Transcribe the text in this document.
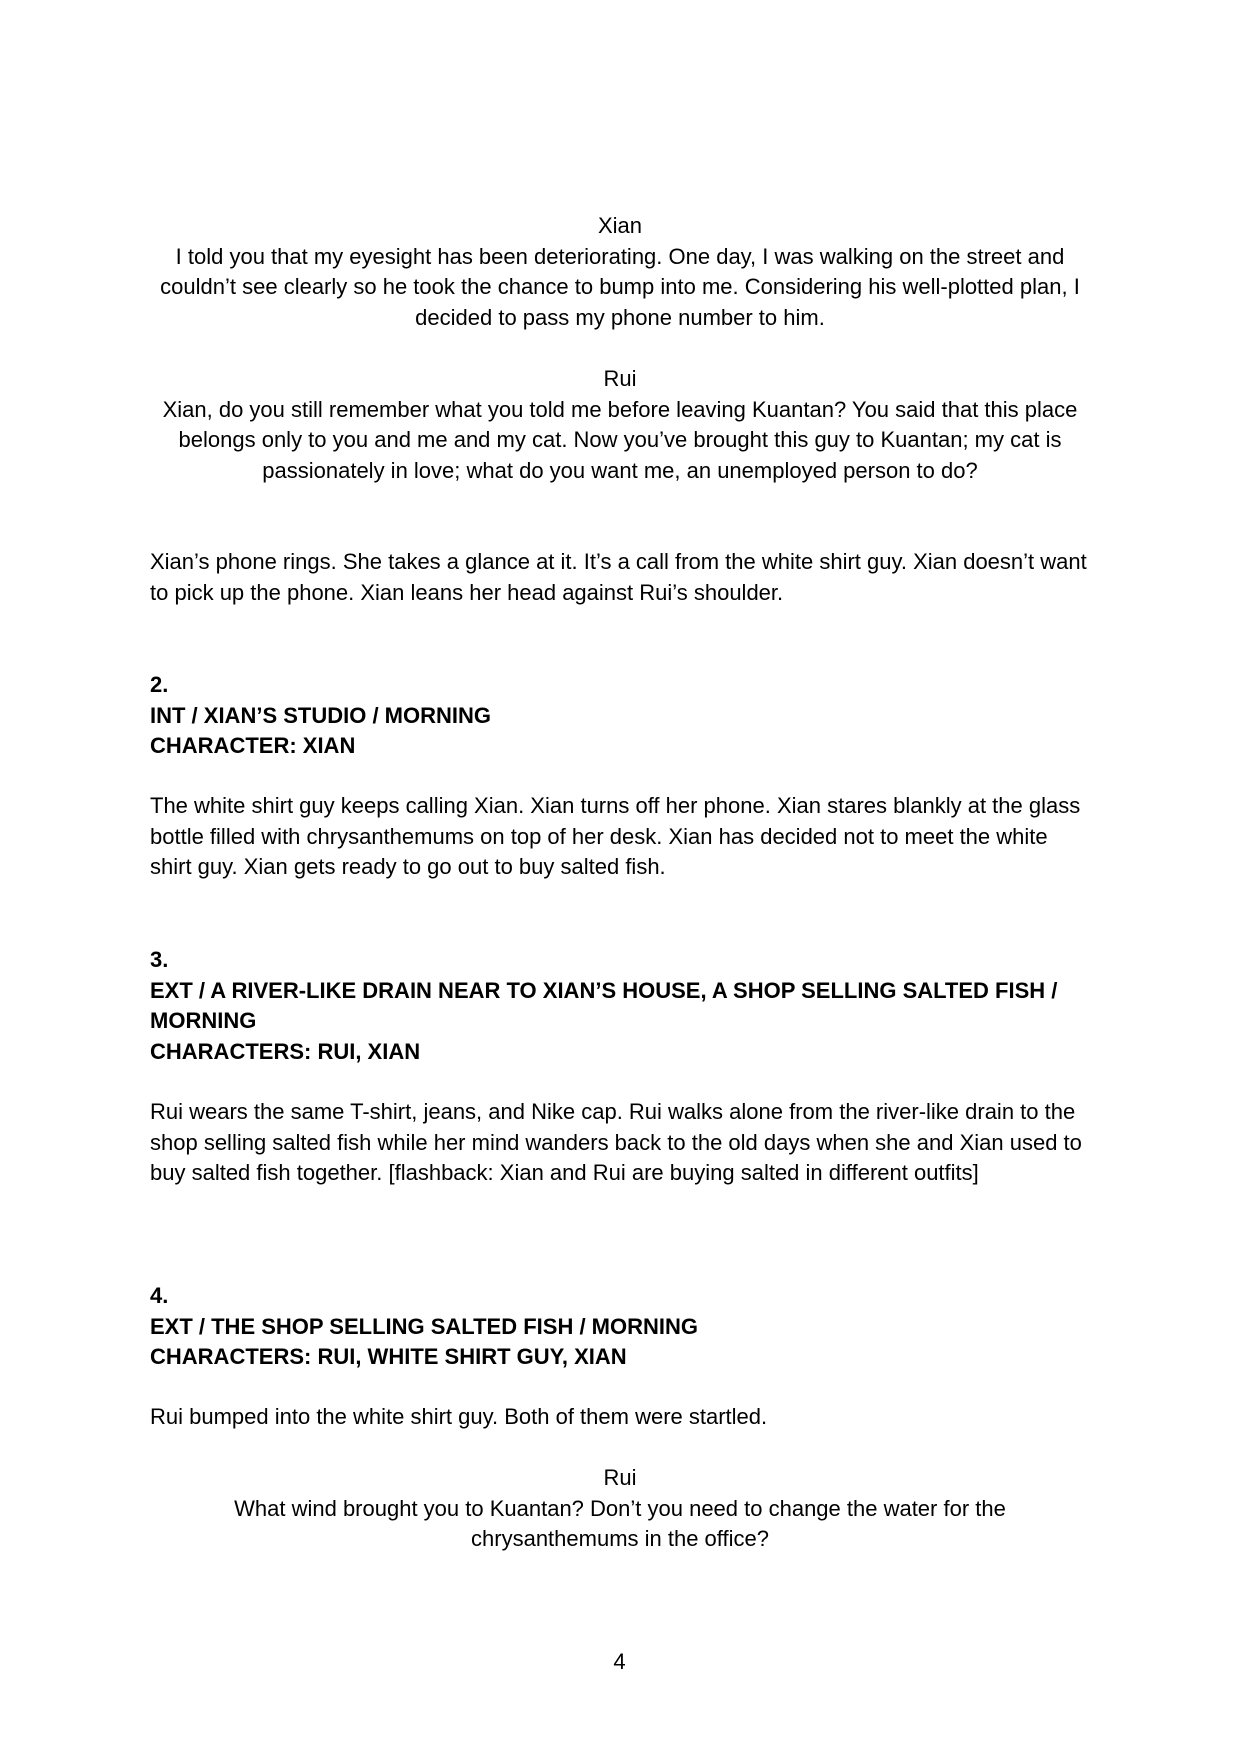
Xian
I told you that my eyesight has been deteriorating. One day, I was walking on the street and couldn’t see clearly so he took the chance to bump into me. Considering his well-plotted plan, I decided to pass my phone number to him.
Rui
Xian, do you still remember what you told me before leaving Kuantan? You said that this place belongs only to you and me and my cat. Now you’ve brought this guy to Kuantan; my cat is passionately in love; what do you want me, an unemployed person to do?
Xian’s phone rings. She takes a glance at it. It’s a call from the white shirt guy. Xian doesn’t want to pick up the phone. Xian leans her head against Rui’s shoulder.
2.
INT / XIAN’S STUDIO / MORNING
CHARACTER: XIAN
The white shirt guy keeps calling Xian. Xian turns off her phone. Xian stares blankly at the glass bottle filled with chrysanthemums on top of her desk. Xian has decided not to meet the white shirt guy. Xian gets ready to go out to buy salted fish.
3.
EXT / A RIVER-LIKE DRAIN NEAR TO XIAN’S HOUSE, A SHOP SELLING SALTED FISH / MORNING
CHARACTERS: RUI, XIAN
Rui wears the same T-shirt, jeans, and Nike cap. Rui walks alone from the river-like drain to the shop selling salted fish while her mind wanders back to the old days when she and Xian used to buy salted fish together. [flashback: Xian and Rui are buying salted in different outfits]
4.
EXT / THE SHOP SELLING SALTED FISH / MORNING
CHARACTERS: RUI, WHITE SHIRT GUY, XIAN
Rui bumped into the white shirt guy. Both of them were startled.
Rui
What wind brought you to Kuantan? Don’t you need to change the water for the chrysanthemums in the office?
4
